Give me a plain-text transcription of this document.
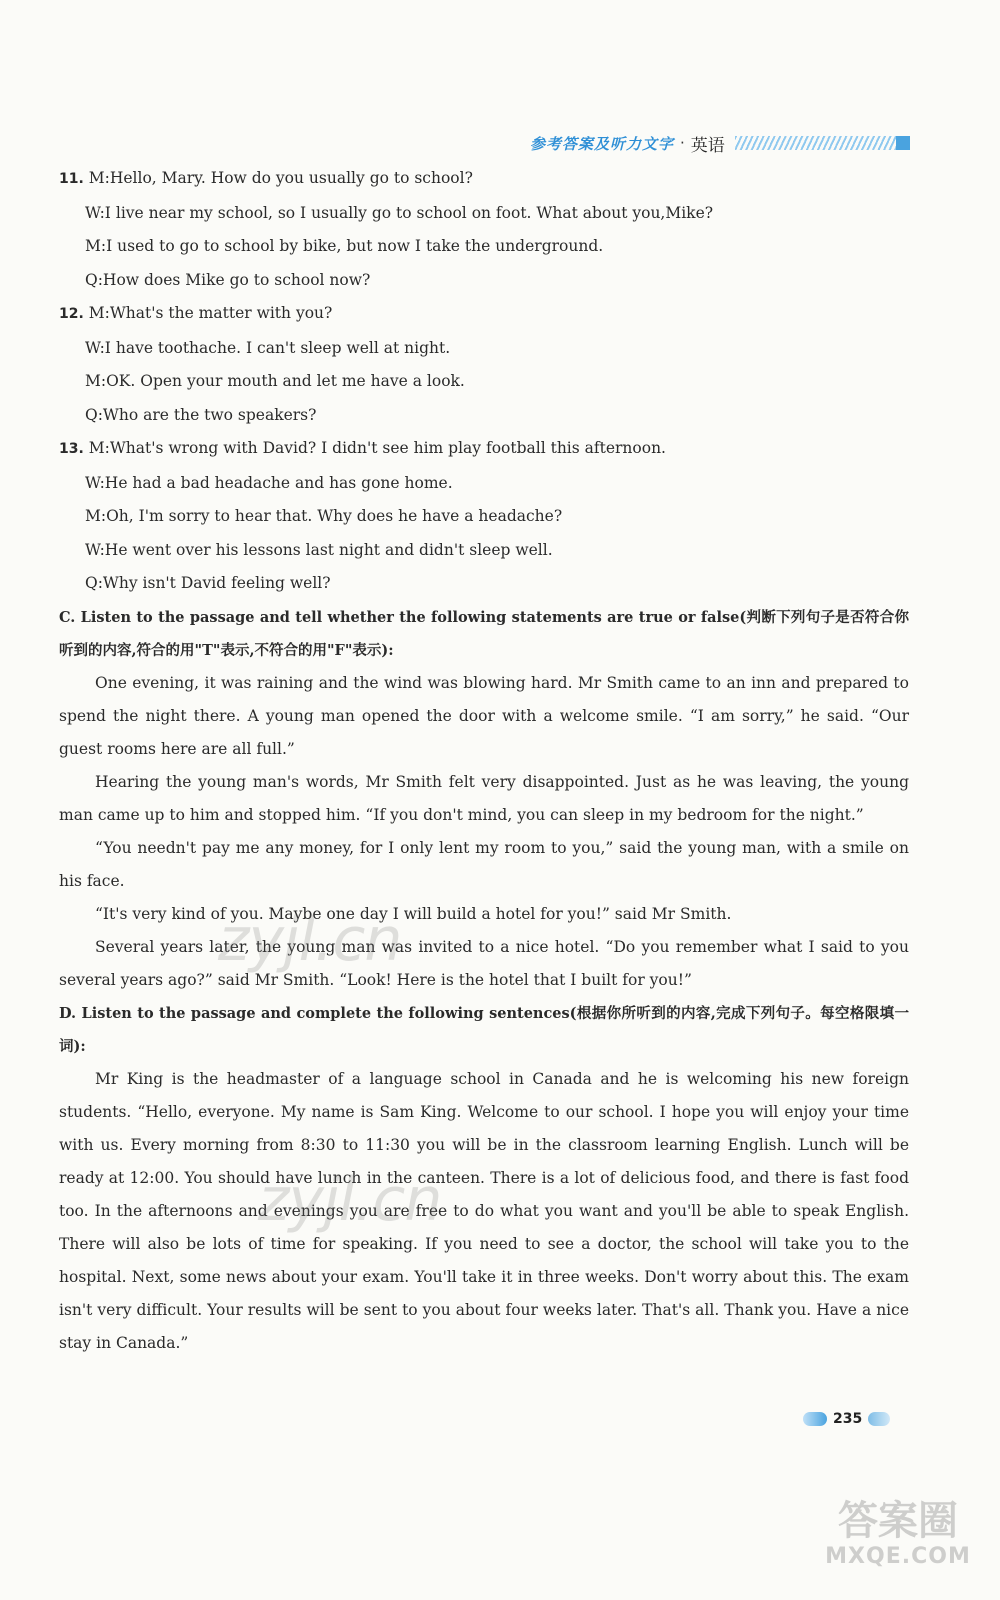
参考答案及听力文字 · 英语
11. M:Hello, Mary. How do you usually go to school?
W:I live near my school, so I usually go to school on foot. What about you,Mike?
M:I used to go to school by bike, but now I take the underground.
Q:How does Mike go to school now?
12. M:What's the matter with you?
W:I have toothache. I can't sleep well at night.
M:OK. Open your mouth and let me have a look.
Q:Who are the two speakers?
13. M:What's wrong with David? I didn't see him play football this afternoon.
W:He had a bad headache and has gone home.
M:Oh, I'm sorry to hear that. Why does he have a headache?
W:He went over his lessons last night and didn't sleep well.
Q:Why isn't David feeling well?
C. Listen to the passage and tell whether the following statements are true or false(判断下列句子是否符合你听到的内容,符合的用"T"表示,不符合的用"F"表示):

One evening, it was raining and the wind was blowing hard. Mr Smith came to an inn and prepared to spend the night there. A young man opened the door with a welcome smile. “I am sorry,” he said. “Our guest rooms here are all full.”

Hearing the young man's words, Mr Smith felt very disappointed. Just as he was leaving, the young man came up to him and stopped him. “If you don't mind, you can sleep in my bedroom for the night.”

“You needn't pay me any money, for I only lent my room to you,” said the young man, with a smile on his face.

“It's very kind of you. Maybe one day I will build a hotel for you!” said Mr Smith.

Several years later, the young man was invited to a nice hotel. “Do you remember what I said to you several years ago?” said Mr Smith. “Look! Here is the hotel that I built for you!”

D. Listen to the passage and complete the following sentences(根据你所听到的内容,完成下列句子。每空格限填一词):

Mr King is the headmaster of a language school in Canada and he is welcoming his new foreign students. “Hello, everyone. My name is Sam King. Welcome to our school. I hope you will enjoy your time with us. Every morning from 8:30 to 11:30 you will be in the classroom learning English. Lunch will be ready at 12:00. You should have lunch in the canteen. There is a lot of delicious food, and there is fast food too. In the afternoons and evenings you are free to do what you want and you'll be able to speak English. There will also be lots of time for speaking. If you need to see a doctor, the school will take you to the hospital. Next, some news about your exam. You'll take it in three weeks. Don't worry about this. The exam isn't very difficult. Your results will be sent to you about four weeks later. That's all. Thank you. Have a nice stay in Canada.”

zyjl.cn
zyjl.cn
235
答案圈
MXQE.COM
